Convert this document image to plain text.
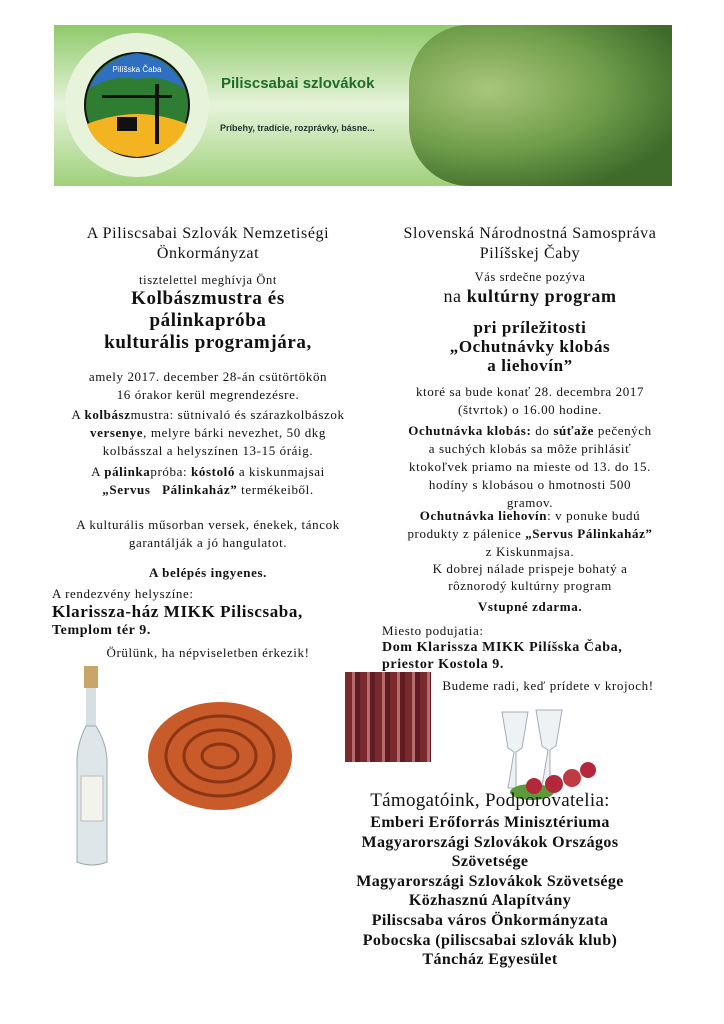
Pilíšska Čaba
Piliscsabai szlovákok
Príbehy, tradície, rozprávky, básne...
A Piliscsabai Szlovák Nemzetiségi
Önkormányzat
tisztelettel meghívja Önt
Kolbászmustra és
pálinkapróba
kulturális programjára,
amely 2017. december 28-án csütörtökön
16 órakor kerül megrendezésre.
A kolbászmustra: sütnivaló és szárazkolbászok
versenye, melyre bárki nevezhet, 50 dkg
kolbásszal a helyszínen 13-15 óráig.
A pálinkapróba: kóstoló a kiskunmajsai
„Servus   Pálinkaház” termékeiből.
A kulturális műsorban versek, énekek, táncok
garantálják a jó hangulatot.
A belépés ingyenes.
A rendezvény helyszíne:
Klarissza-ház MIKK Piliscsaba,
Templom tér 9.
Örülünk, ha népviseletben érkezik!
Slovenská Národnostná Samospráva
Pilíšskej Čaby
Vás srdečne pozýva
na kultúrny program
pri príležitosti
„Ochutnávky klobás
a liehovín”
ktoré sa bude konať 28. decembra 2017
(štvrtok) o 16.00 hodine.
Ochutnávka klobás: do súťaže pečených
a suchých klobás sa môže prihlásiť
ktokoľvek priamo na mieste od 13. do 15.
hodíny s klobásou o hmotnosti 500
gramov.
Ochutnávka liehovín: v ponuke budú
produkty z pálenice „Servus Pálinkaház”
z Kiskunmajsa.
K dobrej nálade prispeje bohatý a
rôznorodý kultúrny program
Vstupné zdarma.
Miesto podujatia:
Dom Klarissza MIKK Pilíšska Čaba,
priestor Kostola 9.
Budeme radi, keď prídete v krojoch!
Támogatóink, Podporovatelia:
Emberi Erőforrás Minisztériuma
Magyarországi Szlovákok Országos
Szövetsége
Magyarországi Szlovákok Szövetsége
Közhasznú Alapítvány
Piliscsaba város Önkormányzata
Pobocska (piliscsabai szlovák klub)
Táncház Egyesület
